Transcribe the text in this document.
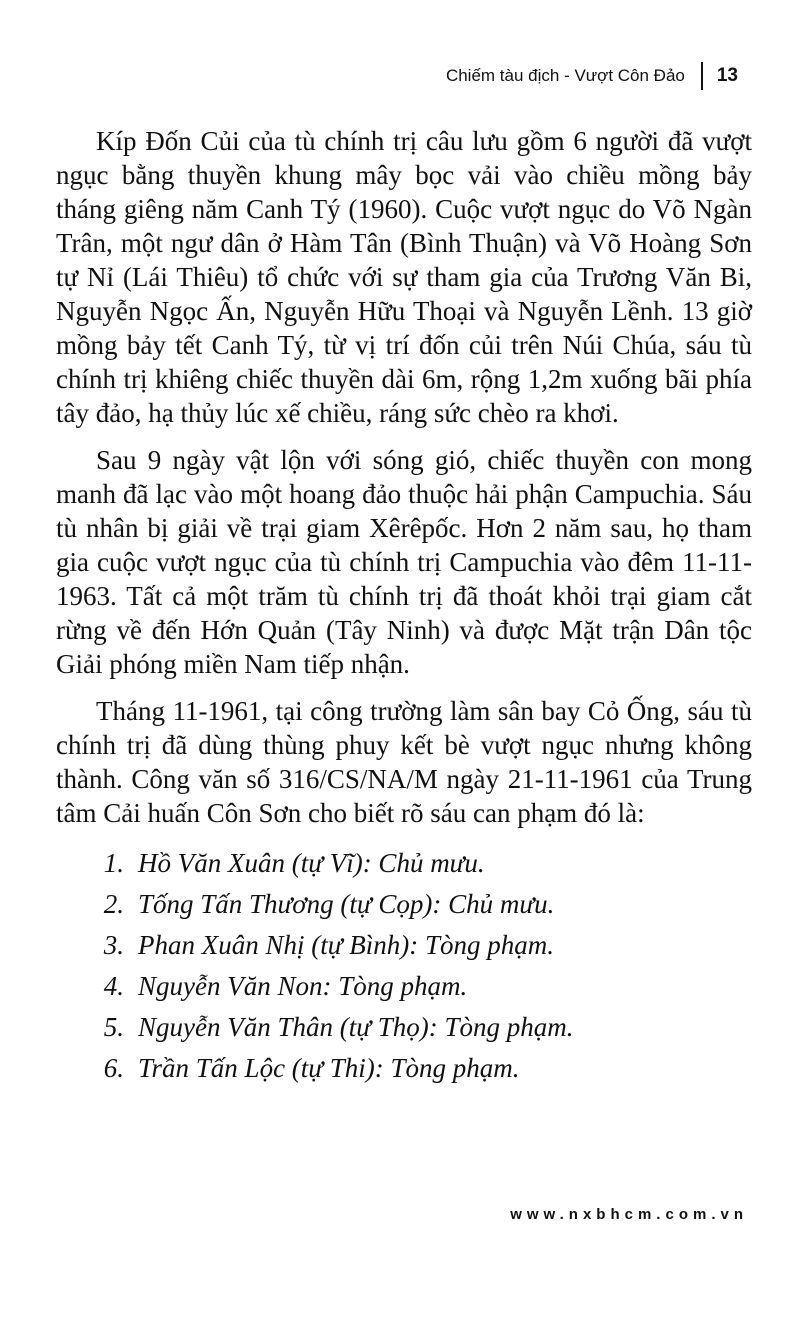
Chiếm tàu địch - Vượt Côn Đảo 13

Kíp Đốn Củi của tù chính trị câu lưu gồm 6 người đã vượt ngục bằng thuyền khung mây bọc vải vào chiều mồng bảy tháng giêng năm Canh Tý (1960). Cuộc vượt ngục do Võ Ngàn Trân, một ngư dân ở Hàm Tân (Bình Thuận) và Võ Hoàng Sơn tự Nỉ (Lái Thiêu) tổ chức với sự tham gia của Trương Văn Bi, Nguyễn Ngọc Ấn, Nguyễn Hữu Thoại và Nguyễn Lềnh. 13 giờ mồng bảy tết Canh Tý, từ vị trí đốn củi trên Núi Chúa, sáu tù chính trị khiêng chiếc thuyền dài 6m, rộng 1,2m xuống bãi phía tây đảo, hạ thủy lúc xế chiều, ráng sức chèo ra khơi.

Sau 9 ngày vật lộn với sóng gió, chiếc thuyền con mong manh đã lạc vào một hoang đảo thuộc hải phận Campuchia. Sáu tù nhân bị giải về trại giam Xêrêpốc. Hơn 2 năm sau, họ tham gia cuộc vượt ngục của tù chính trị Campuchia vào đêm 11-11-1963. Tất cả một trăm tù chính trị đã thoát khỏi trại giam cắt rừng về đến Hớn Quản (Tây Ninh) và được Mặt trận Dân tộc Giải phóng miền Nam tiếp nhận.

Tháng 11-1961, tại công trường làm sân bay Cỏ Ống, sáu tù chính trị đã dùng thùng phuy kết bè vượt ngục nhưng không thành. Công văn số 316/CS/NA/M ngày 21-11-1961 của Trung tâm Cải huấn Côn Sơn cho biết rõ sáu can phạm đó là:

1. Hồ Văn Xuân (tự Vĩ): Chủ mưu.
2. Tống Tấn Thương (tự Cọp): Chủ mưu.
3. Phan Xuân Nhị (tự Bình): Tòng phạm.
4. Nguyễn Văn Non: Tòng phạm.
5. Nguyễn Văn Thân (tự Thọ): Tòng phạm.
6. Trần Tấn Lộc (tự Thi): Tòng phạm.
www.nxbhcm.com.vn
